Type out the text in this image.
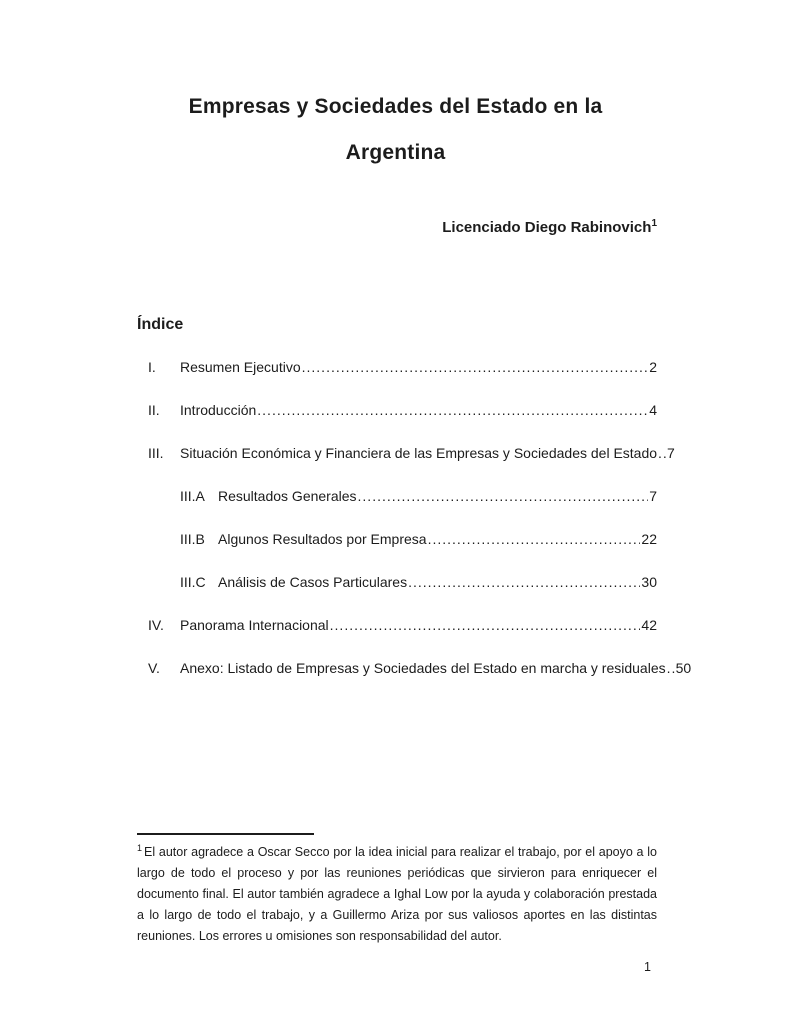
Empresas y Sociedades del Estado en la
Argentina
Licenciado Diego Rabinovich$^1$
Índice
I.	Resumen Ejecutivo .....	2
II.	Introducción .....	4
III.	Situación Económica y Financiera de las Empresas y Sociedades del Estado ..... 7
III.A Resultados Generales .....	7
III.B Algunos Resultados por Empresa .....	22
III.C Análisis de Casos Particulares .....	30
IV.	Panorama Internacional .....	42
V.	Anexo: Listado de Empresas y Sociedades del Estado en marcha y residuales ..... 50

$^1$ El autor agradece a Oscar Secco por la idea inicial para realizar el trabajo, por el apoyo a lo largo de todo el proceso y por las reuniones periódicas que sirvieron para enriquecer el documento final. El autor también agradece a Ighal Low por la ayuda y colaboración prestada a lo largo de todo el trabajo, y a Guillermo Ariza por sus valiosos aportes en las distintas reuniones. Los errores u omisiones son responsabilidad del autor.

1
